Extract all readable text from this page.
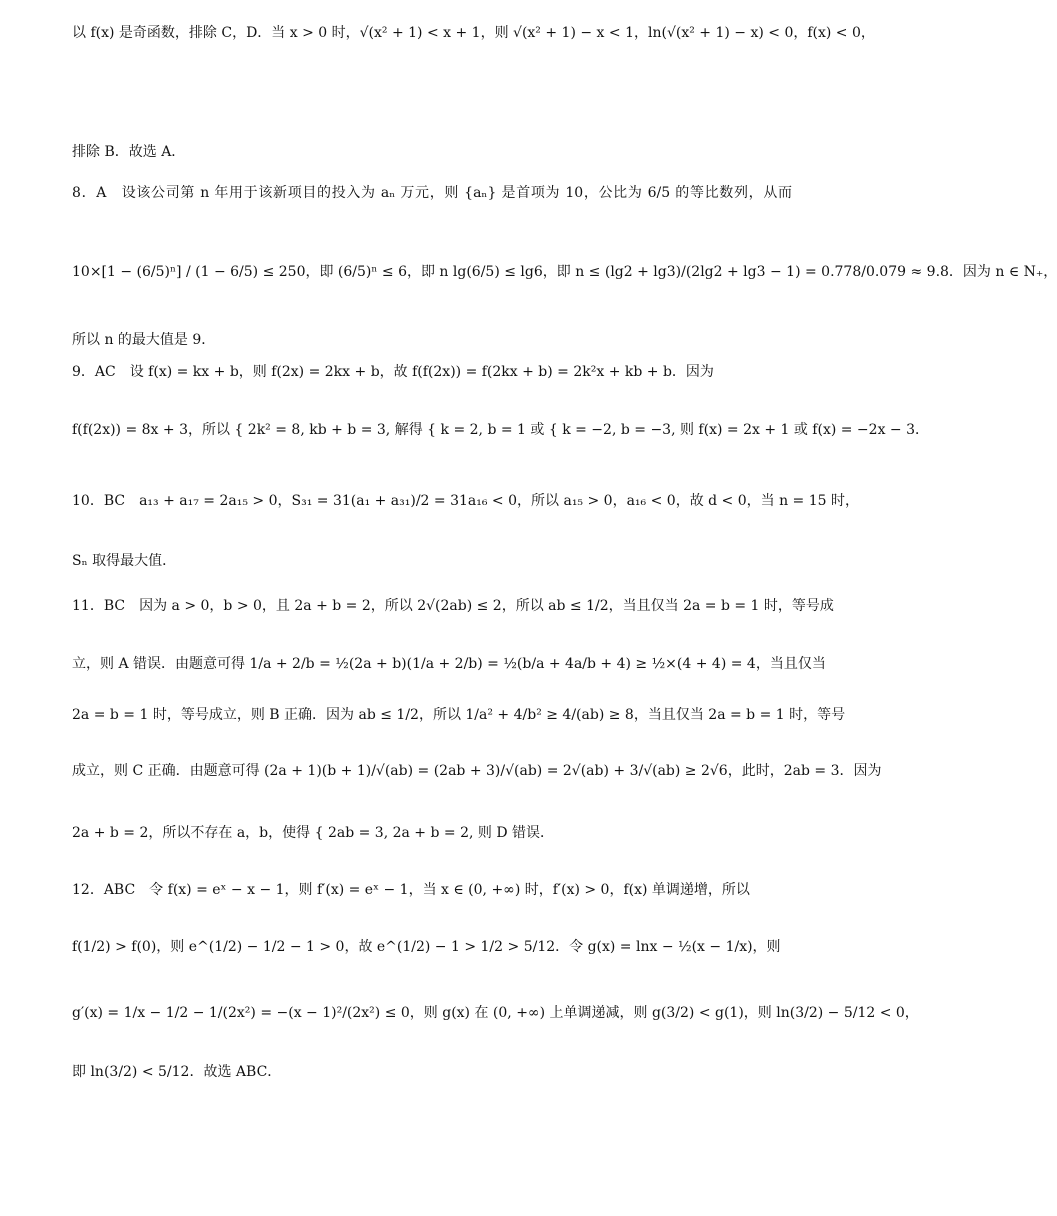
以 f(x) 是奇函数，排除 C，D．当 x > 0 时，√(x² + 1) < x + 1，则 √(x² + 1) − x < 1，ln(√(x² + 1) − x) < 0，f(x) < 0，
排除 B．故选 A．
8．A　设该公司第 n 年用于该新项目的投入为 aₙ 万元，则 {aₙ} 是首项为 10，公比为 6/5 的等比数列，从而
10×[1 − (6/5)ⁿ] / (1 − 6/5) ≤ 250，即 (6/5)ⁿ ≤ 6，即 n lg(6/5) ≤ lg6，即 n ≤ (lg2 + lg3)/(2lg2 + lg3 − 1) = 0.778/0.079 ≈ 9.8．因为 n ∈ N₊，
所以 n 的最大值是 9．
9．AC　设 f(x) = kx + b，则 f(2x) = 2kx + b，故 f(f(2x)) = f(2kx + b) = 2k²x + kb + b．因为
f(f(2x)) = 8x + 3，所以 { 2k² = 8, kb + b = 3, 解得 { k = 2, b = 1 或 { k = −2, b = −3, 则 f(x) = 2x + 1 或 f(x) = −2x − 3．
10．BC　a₁₃ + a₁₇ = 2a₁₅ > 0，S₃₁ = 31(a₁ + a₃₁)/2 = 31a₁₆ < 0，所以 a₁₅ > 0，a₁₆ < 0，故 d < 0，当 n = 15 时，
Sₙ 取得最大值．
11．BC　因为 a > 0，b > 0，且 2a + b = 2，所以 2√(2ab) ≤ 2，所以 ab ≤ 1/2，当且仅当 2a = b = 1 时，等号成
立，则 A 错误．由题意可得 1/a + 2/b = ½(2a + b)(1/a + 2/b) = ½(b/a + 4a/b + 4) ≥ ½×(4 + 4) = 4，当且仅当
2a = b = 1 时，等号成立，则 B 正确．因为 ab ≤ 1/2，所以 1/a² + 4/b² ≥ 4/(ab) ≥ 8，当且仅当 2a = b = 1 时，等号
成立，则 C 正确．由题意可得 (2a + 1)(b + 1)/√(ab) = (2ab + 3)/√(ab) = 2√(ab) + 3/√(ab) ≥ 2√6，此时，2ab = 3．因为
2a + b = 2，所以不存在 a，b，使得 { 2ab = 3, 2a + b = 2, 则 D 错误．
12．ABC　令 f(x) = eˣ − x − 1，则 f′(x) = eˣ − 1，当 x ∈ (0, +∞) 时，f′(x) > 0，f(x) 单调递增，所以
f(1/2) > f(0)，则 e^(1/2) − 1/2 − 1 > 0，故 e^(1/2) − 1 > 1/2 > 5/12．令 g(x) = lnx − ½(x − 1/x)，则
g′(x) = 1/x − 1/2 − 1/(2x²) = −(x − 1)²/(2x²) ≤ 0，则 g(x) 在 (0, +∞) 上单调递减，则 g(3/2) < g(1)，则 ln(3/2) − 5/12 < 0，
即 ln(3/2) < 5/12．故选 ABC．
